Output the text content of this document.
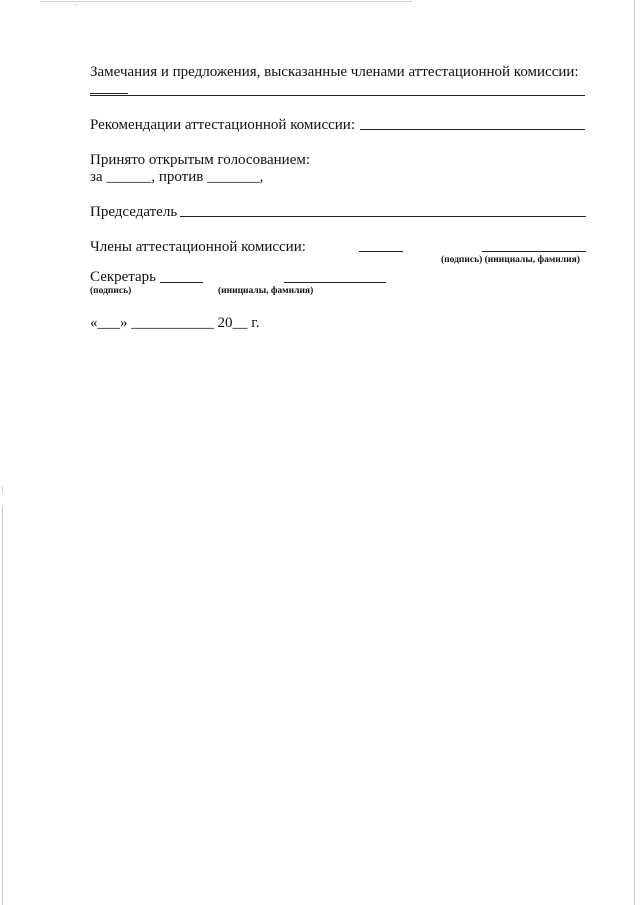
Замечания и предложения, высказанные членами аттестационной комиссии:
Рекомендации аттестационной комиссии:
Принято открытым голосованием:
за ______, против _______,
Председатель
Члены аттестационной комиссии:
(подпись) (инициалы, фамилия)
Секретарь
(подпись)	(инициалы, фамилия)
«___» ___________ 20__ г.
